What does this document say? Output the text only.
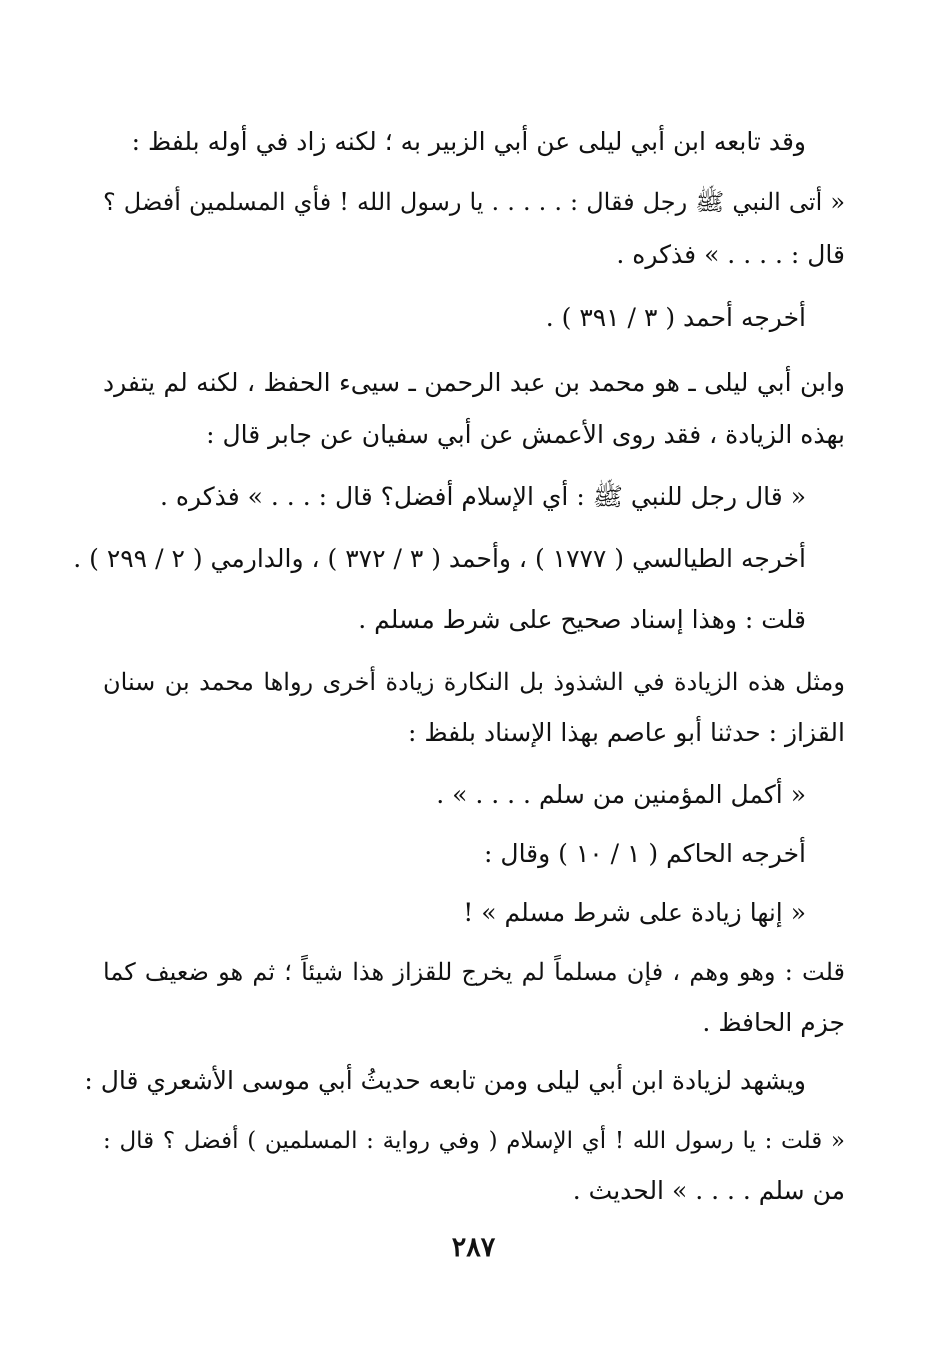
وقد تابعه ابن أبي ليلى عن أبي الزبير به ؛ لكنه زاد في أوله بلفظ :
« أتى النبي ﷺ رجل فقال : . . . . . يا رسول الله ! فأي المسلمين أفضل ؟
قال : . . . . » فذكره .
أخرجه أحمد ( ٣ / ٣٩١ ) .
وابن أبي ليلى ـ هو محمد بن عبد الرحمن ـ سيىء الحفظ ، لكنه لم يتفرد
بهذه الزيادة ، فقد روى الأعمش عن أبي سفيان عن جابر قال :
« قال رجل للنبي ﷺ : أي الإسلام أفضل؟ قال : . . . » فذكره .
أخرجه الطيالسي ( ١٧٧٧ ) ، وأحمد ( ٣ / ٣٧٢ ) ، والدارمي ( ٢ / ٢٩٩ ) .
قلت : وهذا إسناد صحيح على شرط مسلم .
ومثل هذه الزيادة في الشذوذ بل النكارة زيادة أخرى رواها محمد بن سنان
القزاز : حدثنا أبو عاصم بهذا الإسناد بلفظ :
« أكمل المؤمنين من سلم . . . . » .
أخرجه الحاكم ( ١ / ١٠ ) وقال :
« إنها زيادة على شرط مسلم » !
قلت : وهو وهم ، فإن مسلماً لم يخرج للقزاز هذا شيئاً ؛ ثم هو ضعيف كما
جزم الحافظ .
ويشهد لزيادة ابن أبي ليلى ومن تابعه حديثُ أبي موسى الأشعري قال :
« قلت : يا رسول الله ! أي الإسلام ( وفي رواية : المسلمين ) أفضل ؟ قال :
من سلم . . . . » الحديث .
٢٨٧
